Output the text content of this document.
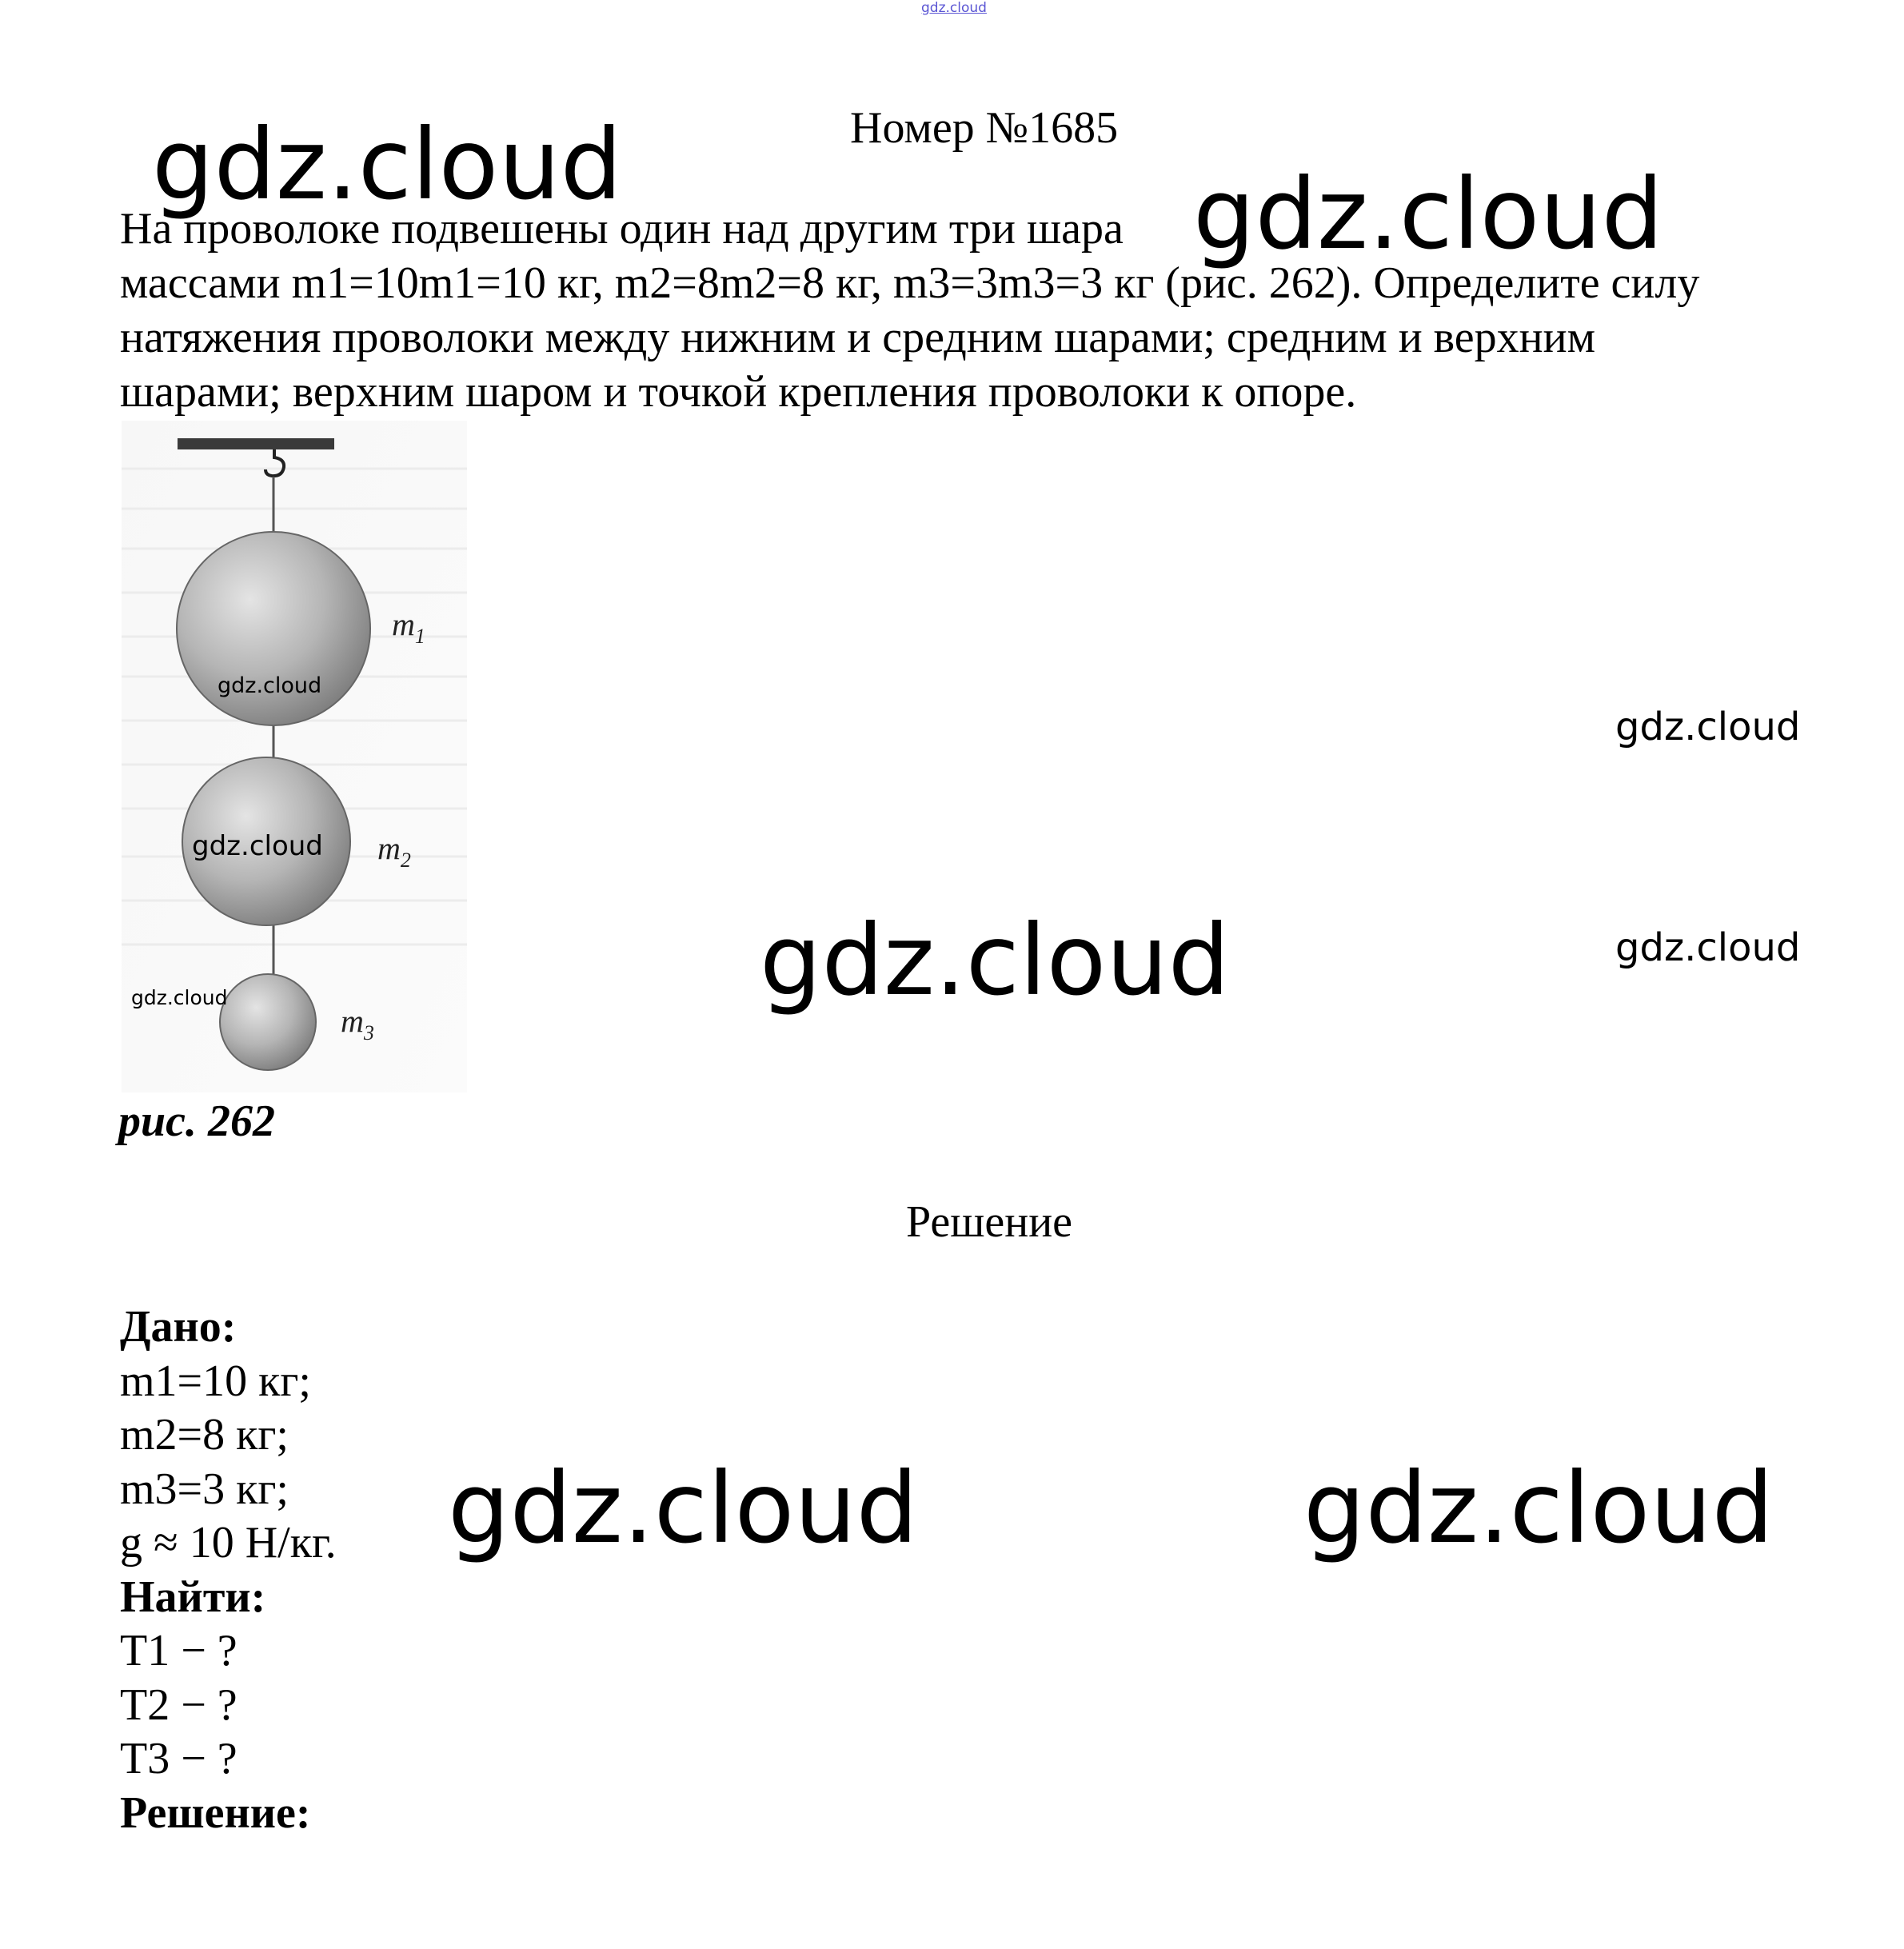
gdz.cloud
Номер №1685

На проволоке подвешены один над другим три шара

массами m1=10m1=10 кг, m2=8m2=8 кг, m3=3m3=3 кг (рис. 262). Определите силу

натяжения проволоки между нижним и средним шарами; средним и верхним

шарами; верхним шаром и точкой крепления проволоки к опоре.

$m_1$
$m_2$
$m_3$
рис. 262
Решение
Дано:
m1=10 кг;
m2=8 кг;
m3=3 кг;
g ≈ 10 Н/кг.
Найти:
T1 − ?
T2 − ?
T3 − ?
Решение:
gdz.cloud	gdz.cloud
gdz.cloud
gdz.cloud	gdz.cloud
gdz.cloud	gdz.cloud
gdz.cloud
gdz.cloud
gdz.cloud
